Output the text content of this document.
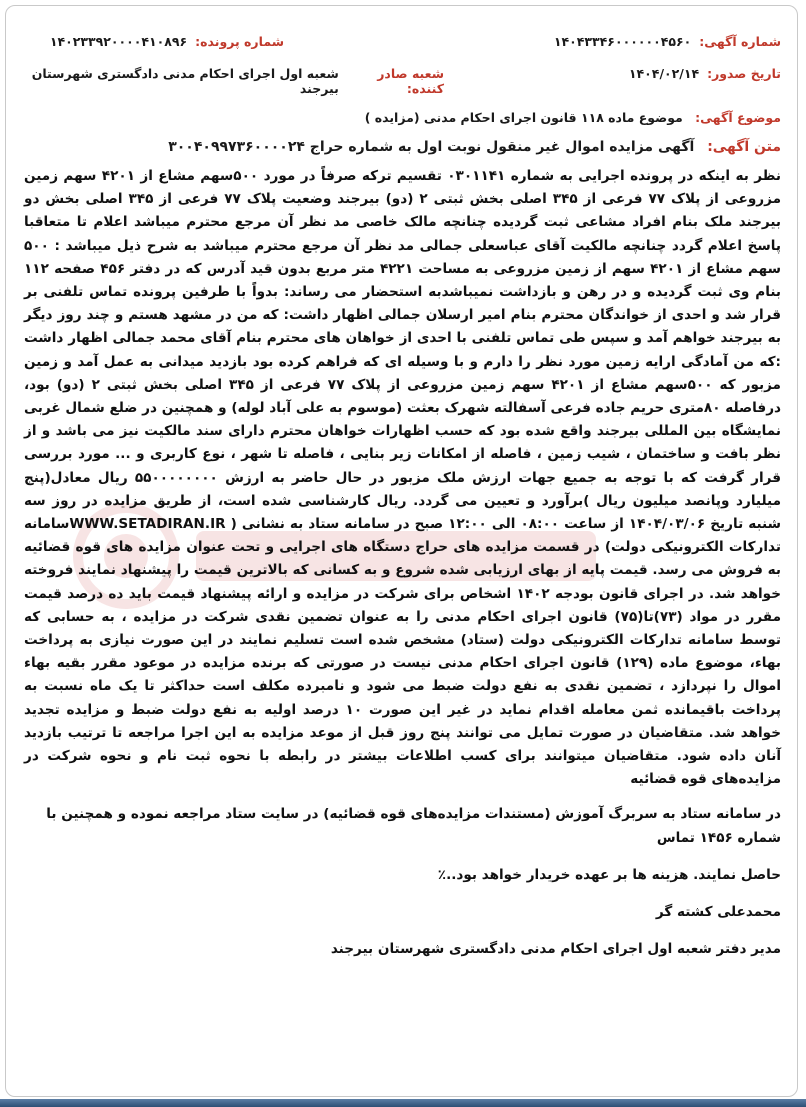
شماره آگهی:
۱۴۰۴۳۳۴۶۰۰۰۰۰۰۴۵۶۰
شماره پرونده:
۱۴۰۲۳۳۹۲۰۰۰۰۴۱۰۸۹۶
تاریخ صدور:
۱۴۰۴/۰۲/۱۴
شعبه صادر کننده:
شعبه اول اجرای احکام مدنی دادگستری شهرستان بیرجند
موضوع آگهی: موضوع ماده ۱۱۸ قانون اجرای احکام مدنی (مزایده )
متن آگهی: آگهی مزایده اموال غیر منقول نوبت اول به شماره حراج ۳۰۰۴۰۹۹۷۳۶۰۰۰۰۲۴
نظر به اینکه در پرونده اجرایی به شماره ۰۳۰۱۱۴۱ تقسیم ترکه صرفاً در مورد ۵۰۰سهم مشاع از ۴۲۰۱ سهم زمین مزروعی از پلاک ۷۷ فرعی از ۳۴۵ اصلی بخش ثبتی ۲ (دو) بیرجند وضعیت پلاک ۷۷ فرعی از ۳۴۵ اصلی بخش دو بیرجند ملک بنام افراد مشاعی ثبت گردیده چنانچه مالک خاصی مد نظر آن مرجع محترم میباشد اعلام تا متعاقبا پاسخ اعلام گردد چنانچه مالکیت آقای عباسعلی جمالی مد نظر آن مرجع محترم میباشد به شرح ذیل میباشد : ۵۰۰ سهم مشاع از ۴۲۰۱ سهم از زمین مزروعی به مساحت ۴۲۲۱ متر مربع بدون قید آدرس که در دفتر ۴۵۶ صفحه ۱۱۲ بنام وی ثبت گردیده و در رهن و بازداشت نمیباشدبه استحضار می رساند: بدواً با طرفین پرونده تماس تلفنی بر قرار شد و احدی از خواندگان محترم بنام امیر ارسلان جمالی اظهار داشت: که من در مشهد هستم و چند روز دیگر به بیرجند خواهم آمد و سپس طی تماس تلفنی با احدی از خواهان های محترم بنام آقای محمد جمالی اظهار داشت :که من آمادگی ارایه زمین مورد نظر را دارم و با وسیله ای که فراهم کرده بود بازدید میدانی به عمل آمد و زمین مزبور که ۵۰۰سهم مشاع از ۴۲۰۱ سهم زمین مزروعی از پلاک ۷۷ فرعی از ۳۴۵ اصلی بخش ثبتی ۲ (دو) بود، درفاصله ۸۰متری حریم جاده فرعی آسفالته شهرک بعثت (موسوم به علی آباد لوله) و همچنین در ضلع شمال غربی نمایشگاه بین المللی بیرجند واقع شده بود که حسب اظهارات خواهان محترم دارای سند مالکیت نیز می باشد و از نظر بافت و ساختمان ، شیب زمین ، فاصله از امکانات زیر بنایی ، فاصله تا شهر ، نوع کاربری و ... مورد بررسی قرار گرفت که با توجه به جمیع جهات ارزش ملک مزبور در حال حاضر به ارزش ۵۵۰۰۰۰۰۰۰۰ ریال معادل(پنج میلیارد وپانصد میلیون ریال )برآورد و تعیین می گردد. ریال کارشناسی شده است، از طریق مزایده در روز سه شنبه تاریخ ۱۴۰۴/۰۳/۰۶ از ساعت ۰۸:۰۰ الی ۱۲:۰۰ صبح در سامانه ستاد به نشانی ( WWW.SETADIRAN.IRسامانه تدارکات الکترونیکی دولت) در قسمت مزایده های حراج دستگاه های اجرایی و تحت عنوان مزایده های قوه قضائیه به فروش می رسد. قیمت پایه از بهای ارزیابی شده شروع و به کسانی که بالاترین قیمت را پیشنهاد نمایند فروخته خواهد شد. در اجرای قانون بودجه ۱۴۰۲ اشخاص برای شرکت در مزایده و ارائه پیشنهاد قیمت باید ده درصد قیمت مقرر در مواد (۷۳)تا(۷۵) قانون اجرای احکام مدنی را به عنوان تضمین نقدی شرکت در مزایده ، به حسابی که توسط سامانه تدارکات الکترونیکی دولت (ستاد) مشخص شده است تسلیم نمایند در این صورت نیازی به پرداخت بهاء، موضوع ماده (۱۲۹) قانون اجرای احکام مدنی نیست در صورتی که برنده مزایده در موعود مقرر بقیه بهاء اموال را نپردازد ، تضمین نقدی به نفع دولت ضبط می شود و نامبرده مکلف است حداکثر تا یک ماه نسبت به پرداخت باقیمانده ثمن معامله اقدام نماید در غیر این صورت ۱۰ درصد اولیه به نفع دولت ضبط و مزایده تجدید خواهد شد. متقاضیان در صورت تمایل می توانند پنج روز قبل از موعد مزایده به این اجرا مراجعه تا ترتیب بازدید آنان داده شود. متقاضیان میتوانند برای کسب اطلاعات بیشتر در رابطه با نحوه ثبت نام و نحوه شرکت در مزایده‌های قوه قضائیه
در سامانه ستاد به سربرگ آموزش (مستندات مزایده‌های قوه قضائیه) در سایت ستاد مراجعه نموده و همچنین با شماره ۱۴۵۶ تماس
حاصل نمایند. هزینه ها بر عهده خریدار خواهد بود..٪
محمدعلی کشته گر
مدیر دفتر شعبه اول اجرای احکام مدنی دادگستری شهرستان بیرجند
